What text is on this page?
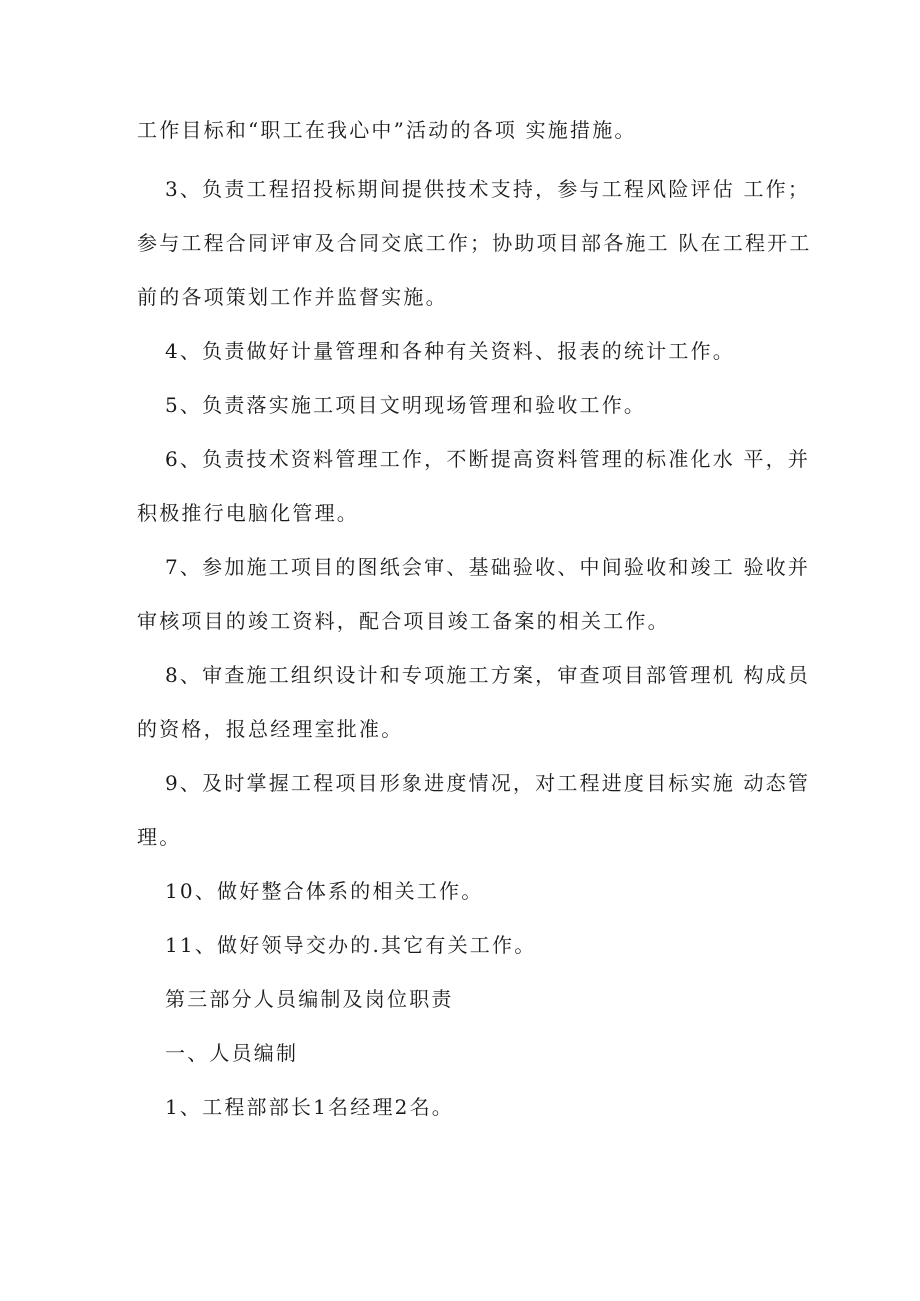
工作目标和“职工在我心中”活动的各项 实施措施。
3、负责工程招投标期间提供技术支持，参与工程风险评估 工作；
参与工程合同评审及合同交底工作；协助项目部各施工 队在工程开工
前的各项策划工作并监督实施。
4、负责做好计量管理和各种有关资料、报表的统计工作。
5、负责落实施工项目文明现场管理和验收工作。
6、负责技术资料管理工作，不断提高资料管理的标准化水 平，并
积极推行电脑化管理。
7、参加施工项目的图纸会审、基础验收、中间验收和竣工 验收并
审核项目的竣工资料，配合项目竣工备案的相关工作。
8、审查施工组织设计和专项施工方案，审查项目部管理机 构成员
的资格，报总经理室批准。
9、及时掌握工程项目形象进度情况，对工程进度目标实施 动态管
理。
10、做好整合体系的相关工作。
11、做好领导交办的.其它有关工作。
第三部分人员编制及岗位职责
一、人员编制
1、工程部部长1名经理2名。
